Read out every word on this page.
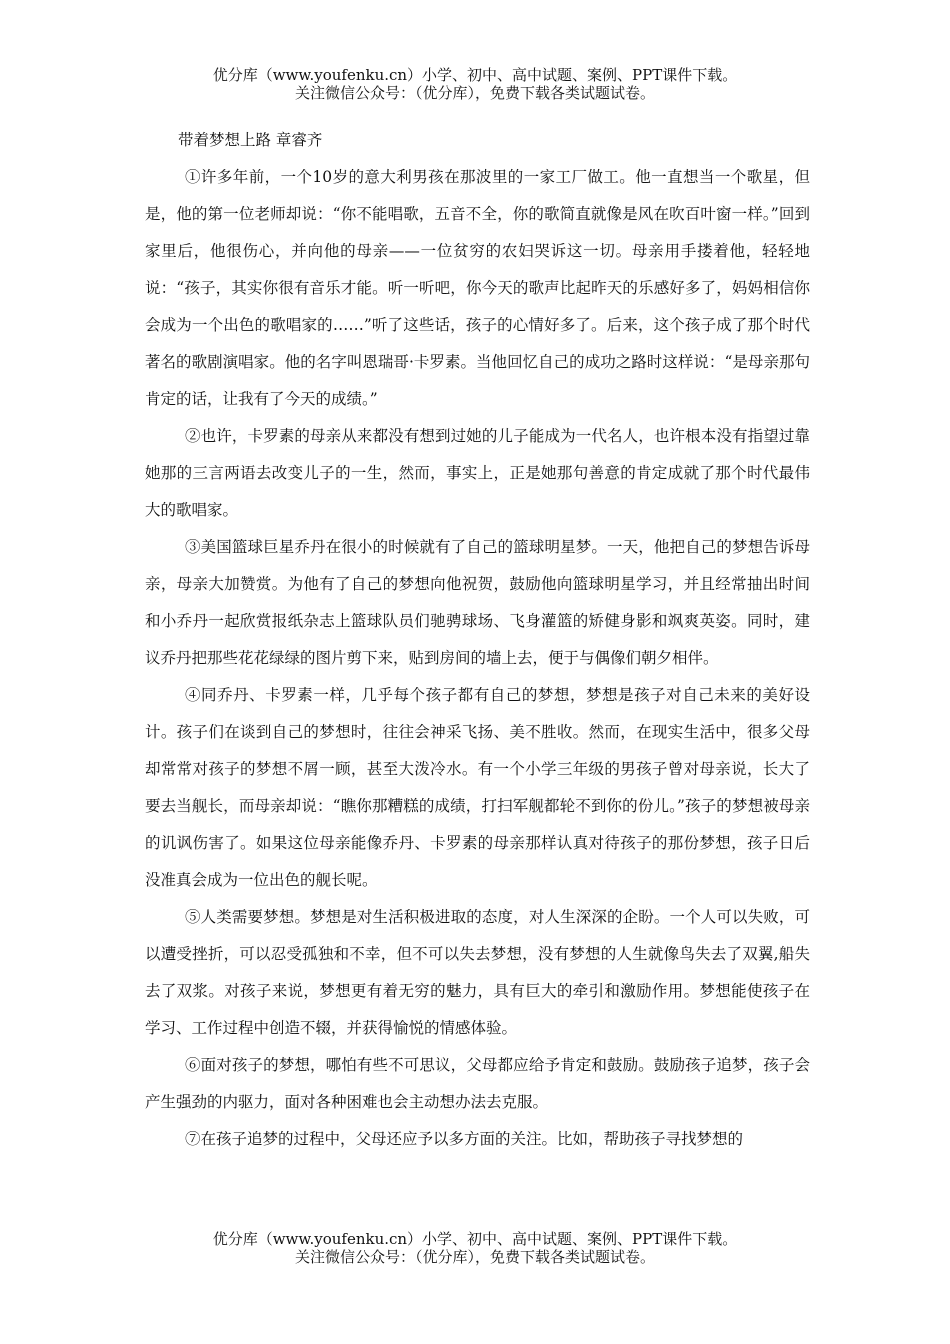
优分库（www.youfenku.cn）小学、初中、高中试题、案例、PPT课件下载。
关注微信公众号：（优分库），免费下载各类试题试卷。

带着梦想上路 章睿齐

①许多年前，一个10岁的意大利男孩在那波里的一家工厂做工。他一直想当一个歌星，但是，他的第一位老师却说：“你不能唱歌，五音不全，你的歌简直就像是风在吹百叶窗一样。”回到家里后，他很伤心，并向他的母亲——一位贫穷的农妇哭诉这一切。母亲用手搂着他，轻轻地说：“孩子，其实你很有音乐才能。听一听吧，你今天的歌声比起昨天的乐感好多了，妈妈相信你会成为一个出色的歌唱家的……”听了这些话，孩子的心情好多了。后来，这个孩子成了那个时代著名的歌剧演唱家。他的名字叫恩瑞哥·卡罗素。当他回忆自己的成功之路时这样说：“是母亲那句肯定的话，让我有了今天的成绩。”

②也许，卡罗素的母亲从来都没有想到过她的儿子能成为一代名人，也许根本没有指望过靠她那的三言两语去改变儿子的一生，然而，事实上，正是她那句善意的肯定成就了那个时代最伟大的歌唱家。

③美国篮球巨星乔丹在很小的时候就有了自己的篮球明星梦。一天，他把自己的梦想告诉母亲，母亲大加赞赏。为他有了自己的梦想向他祝贺，鼓励他向篮球明星学习，并且经常抽出时间和小乔丹一起欣赏报纸杂志上篮球队员们驰骋球场、飞身灌篮的矫健身影和飒爽英姿。同时，建议乔丹把那些花花绿绿的图片剪下来，贴到房间的墙上去，便于与偶像们朝夕相伴。

④同乔丹、卡罗素一样，几乎每个孩子都有自己的梦想，梦想是孩子对自己未来的美好设计。孩子们在谈到自己的梦想时，往往会神采飞扬、美不胜收。然而，在现实生活中，很多父母却常常对孩子的梦想不屑一顾，甚至大泼冷水。有一个小学三年级的男孩子曾对母亲说，长大了要去当舰长，而母亲却说：“瞧你那糟糕的成绩，打扫军舰都轮不到你的份儿。”孩子的梦想被母亲的讥讽伤害了。如果这位母亲能像乔丹、卡罗素的母亲那样认真对待孩子的那份梦想，孩子日后没准真会成为一位出色的舰长呢。

⑤人类需要梦想。梦想是对生活积极进取的态度，对人生深深的企盼。一个人可以失败，可以遭受挫折，可以忍受孤独和不幸，但不可以失去梦想，没有梦想的人生就像鸟失去了双翼,船失去了双浆。对孩子来说，梦想更有着无穷的魅力，具有巨大的牵引和激励作用。梦想能使孩子在学习、工作过程中创造不辍，并获得愉悦的情感体验。

⑥面对孩子的梦想，哪怕有些不可思议，父母都应给予肯定和鼓励。鼓励孩子追梦，孩子会产生强劲的内驱力，面对各种困难也会主动想办法去克服。

⑦在孩子追梦的过程中，父母还应予以多方面的关注。比如，帮助孩子寻找梦想的

优分库（www.youfenku.cn）小学、初中、高中试题、案例、PPT课件下载。
关注微信公众号：（优分库），免费下载各类试题试卷。
